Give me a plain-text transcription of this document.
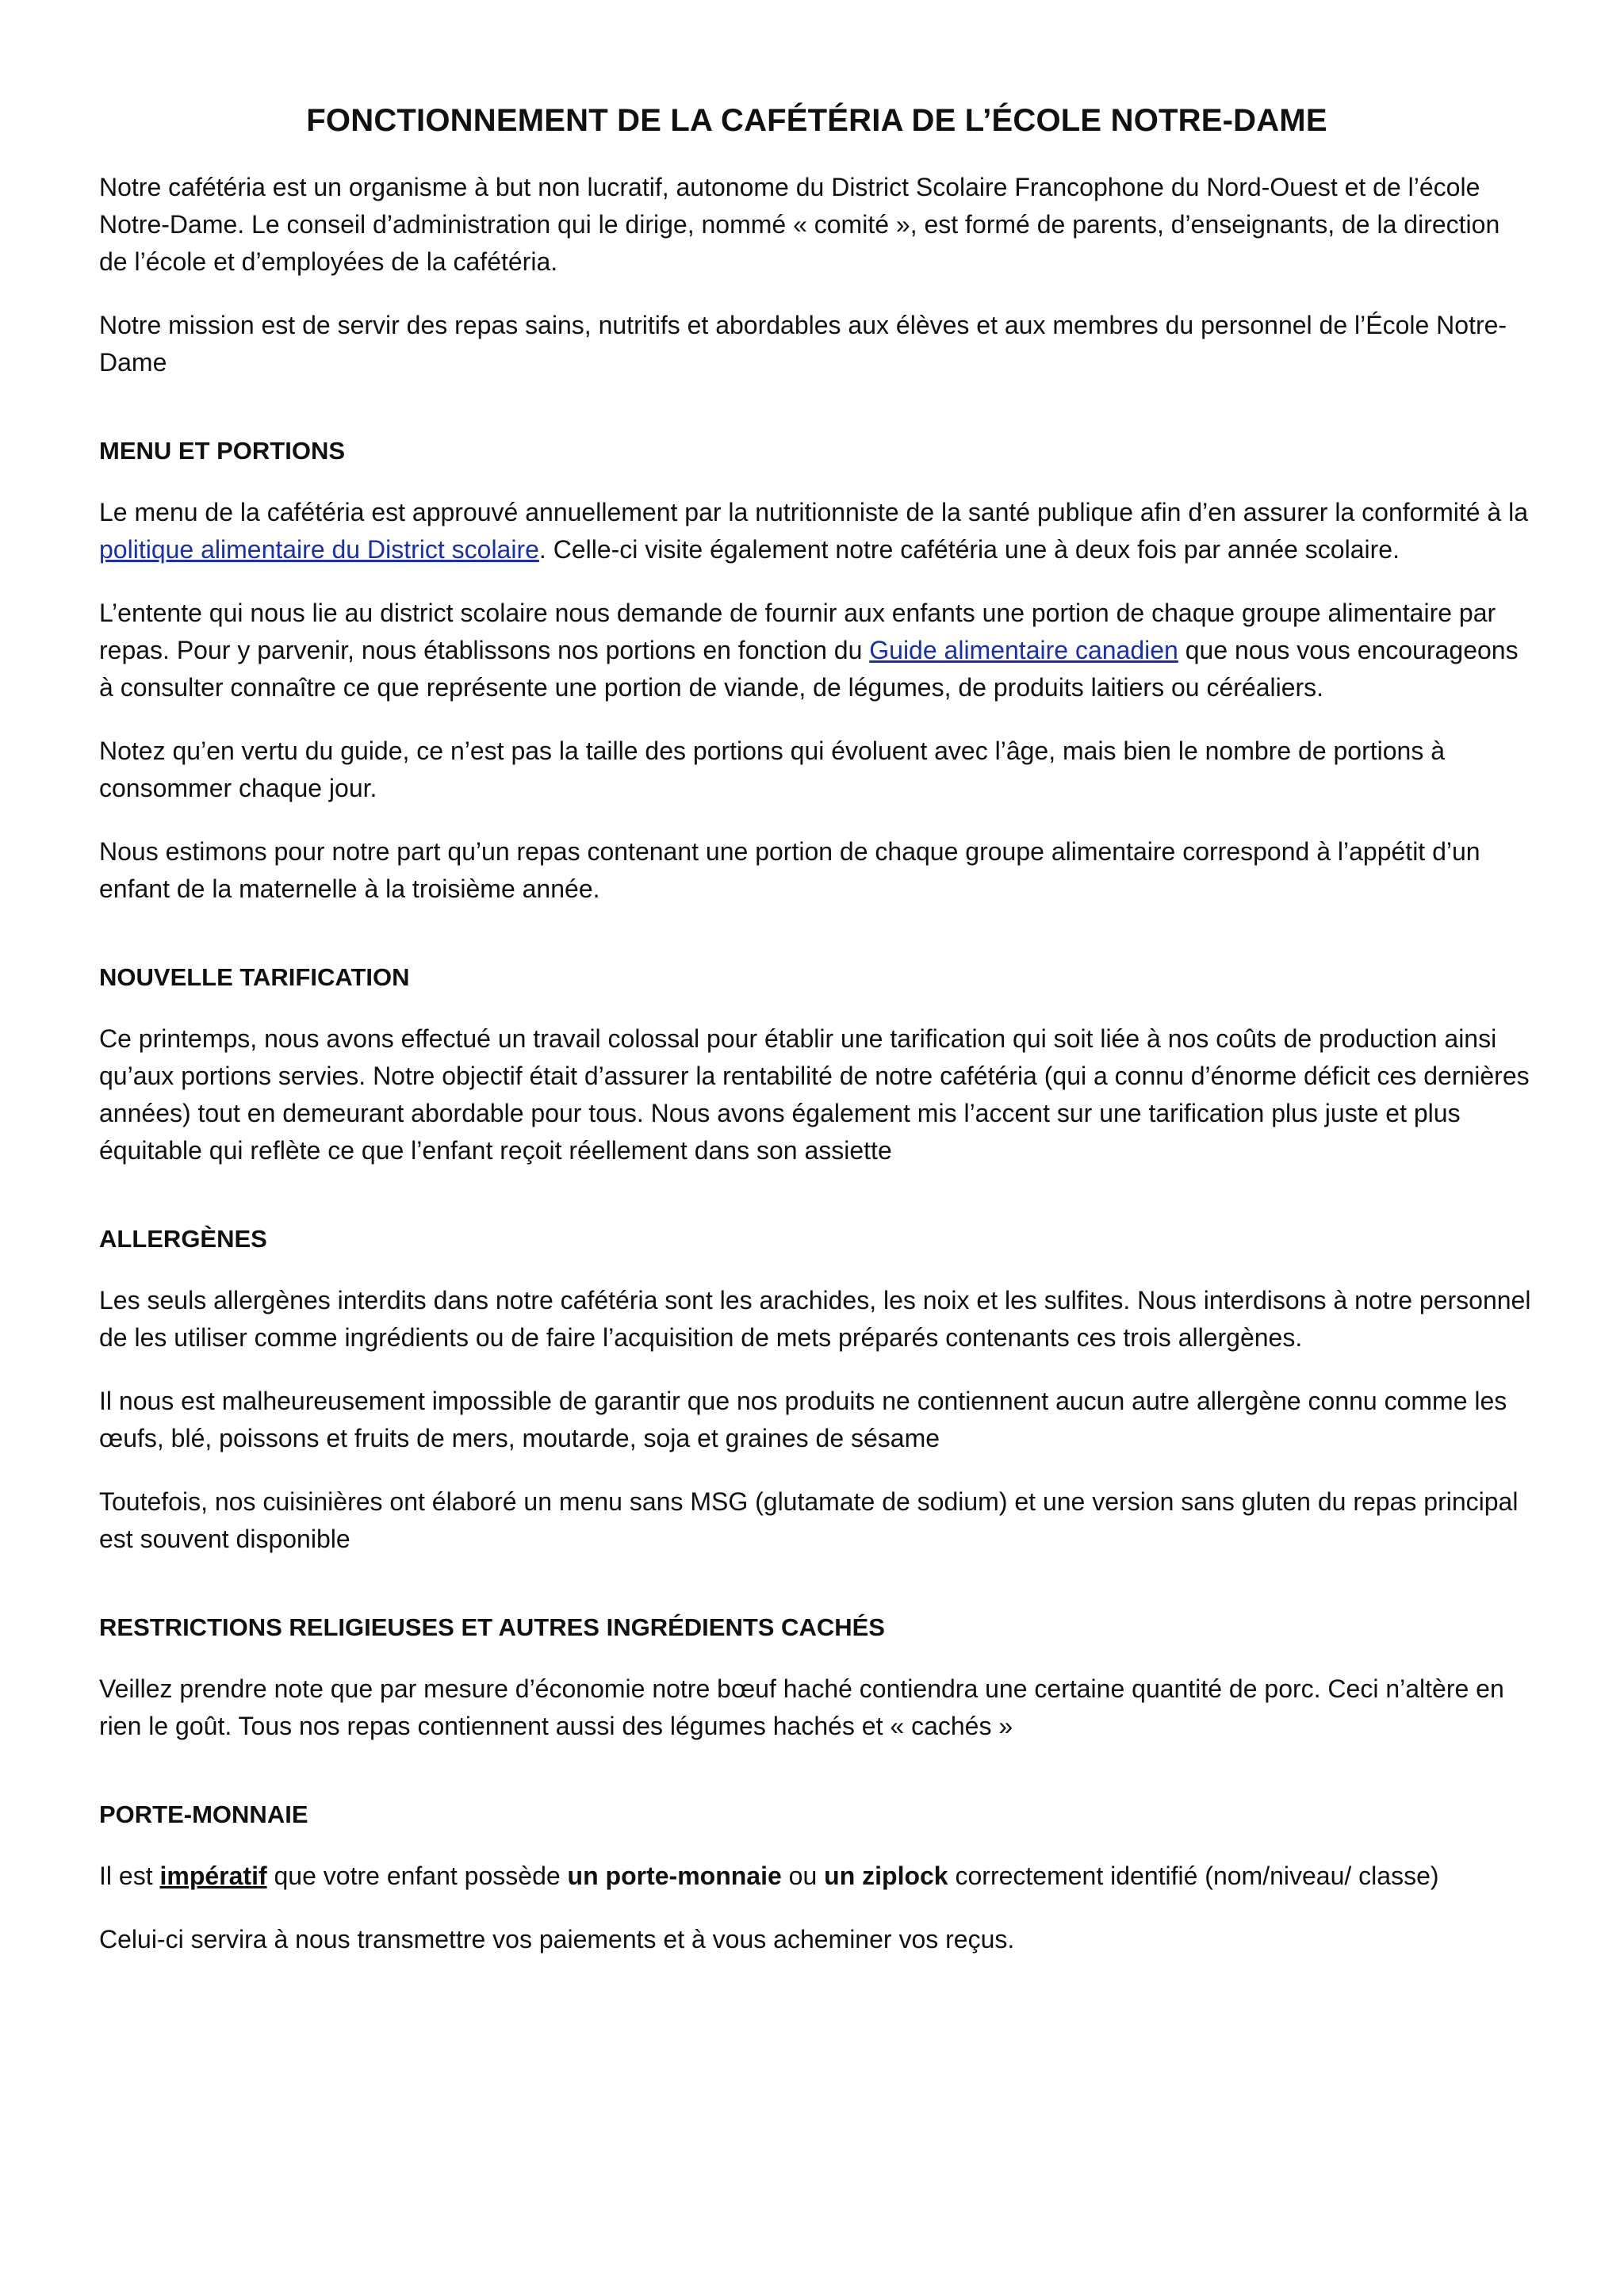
FONCTIONNEMENT DE LA CAFÉTÉRIA DE L’ÉCOLE NOTRE-DAME

Notre cafétéria est un organisme à but non lucratif, autonome du District Scolaire Francophone du Nord-Ouest et de l’école Notre-Dame. Le conseil d’administration qui le dirige, nommé « comité », est formé de parents, d’enseignants, de la direction de l’école et d’employées de la cafétéria.

Notre mission est de servir des repas sains, nutritifs et abordables aux élèves et aux membres du personnel de l’École Notre-Dame

MENU ET PORTIONS

Le menu de la cafétéria est approuvé annuellement par la nutritionniste de la santé publique afin d’en assurer la conformité à la politique alimentaire du District scolaire. Celle-ci visite également notre cafétéria une à deux fois par année scolaire.

L’entente qui nous lie au district scolaire nous demande de fournir aux enfants une portion de chaque groupe alimentaire par repas. Pour y parvenir, nous établissons nos portions en fonction du Guide alimentaire canadien que nous vous encourageons à consulter connaître ce que représente une portion de viande, de légumes, de produits laitiers ou céréaliers.

Notez qu’en vertu du guide, ce n’est pas la taille des portions qui évoluent avec l’âge, mais bien le nombre de portions à consommer chaque jour.

Nous estimons pour notre part qu’un repas contenant une portion de chaque groupe alimentaire correspond à l’appétit d’un enfant de la maternelle à la troisième année.

NOUVELLE TARIFICATION

Ce printemps, nous avons effectué un travail colossal pour établir une tarification qui soit liée à nos coûts de production ainsi qu’aux portions servies. Notre objectif était d’assurer la rentabilité de notre cafétéria (qui a connu d’énorme déficit ces dernières années) tout en demeurant abordable pour tous. Nous avons également mis l’accent sur une tarification plus juste et plus équitable qui reflète ce que l’enfant reçoit réellement dans son assiette

ALLERGÈNES

Les seuls allergènes interdits dans notre cafétéria sont les arachides, les noix et les sulfites. Nous interdisons à notre personnel de les utiliser comme ingrédients ou de faire l’acquisition de mets préparés contenants ces trois allergènes.

Il nous est malheureusement impossible de garantir que nos produits ne contiennent aucun autre allergène connu comme les œufs, blé, poissons et fruits de mers, moutarde, soja et graines de sésame

Toutefois, nos cuisinières ont élaboré un menu sans MSG (glutamate de sodium) et une version sans gluten du repas principal est souvent disponible

RESTRICTIONS RELIGIEUSES ET AUTRES INGRÉDIENTS CACHÉS

Veillez prendre note que par mesure d’économie notre bœuf haché contiendra une certaine quantité de porc. Ceci n’altère en rien le goût. Tous nos repas contiennent aussi des légumes hachés et « cachés »

PORTE-MONNAIE

Il est impératif que votre enfant possède un porte-monnaie ou un ziplock correctement identifié (nom/niveau/ classe)

Celui-ci servira à nous transmettre vos paiements et à vous acheminer vos reçus.
